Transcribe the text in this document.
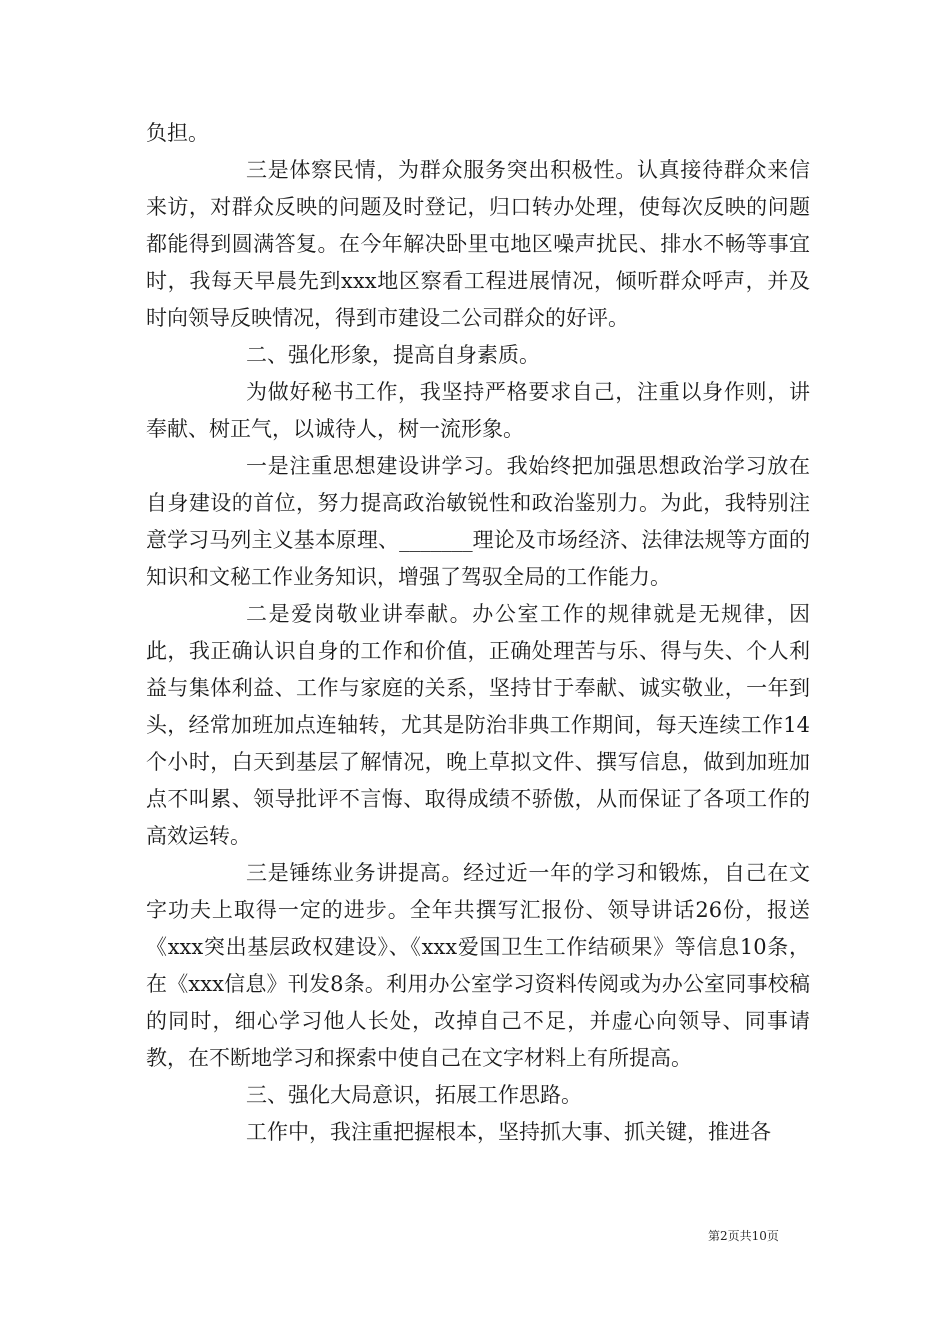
负担。

三是体察民情，为群众服务突出积极性。认真接待群众来信来访，对群众反映的问题及时登记，归口转办处理，使每次反映的问题都能得到圆满答复。在今年解决卧里屯地区噪声扰民、排水不畅等事宜时，我每天早晨先到xxx地区察看工程进展情况，倾听群众呼声，并及时向领导反映情况，得到市建设二公司群众的好评。

二、强化形象，提高自身素质。

为做好秘书工作，我坚持严格要求自己，注重以身作则，讲奉献、树正气，以诚待人，树一流形象。

一是注重思想建设讲学习。我始终把加强思想政治学习放在自身建设的首位，努力提高政治敏锐性和政治鉴别力。为此，我特别注意学习马列主义基本原理、_______理论及市场经济、法律法规等方面的知识和文秘工作业务知识，增强了驾驭全局的工作能力。

二是爱岗敬业讲奉献。办公室工作的规律就是无规律，因此，我正确认识自身的工作和价值，正确处理苦与乐、得与失、个人利益与集体利益、工作与家庭的关系，坚持甘于奉献、诚实敬业，一年到头，经常加班加点连轴转，尤其是防治非典工作期间，每天连续工作14个小时，白天到基层了解情况，晚上草拟文件、撰写信息，做到加班加点不叫累、领导批评不言悔、取得成绩不骄傲，从而保证了各项工作的高效运转。

三是锤练业务讲提高。经过近一年的学习和锻炼，自己在文字功夫上取得一定的进步。全年共撰写汇报份、领导讲话26份，报送《xxx突出基层政权建设》、《xxx爱国卫生工作结硕果》等信息10条，在《xxx信息》刊发8条。利用办公室学习资料传阅或为办公室同事校稿的同时，细心学习他人长处，改掉自己不足，并虚心向领导、同事请教，在不断地学习和探索中使自己在文字材料上有所提高。

三、强化大局意识，拓展工作思路。

工作中，我注重把握根本，坚持抓大事、抓关键，推进各

第2页共10页
